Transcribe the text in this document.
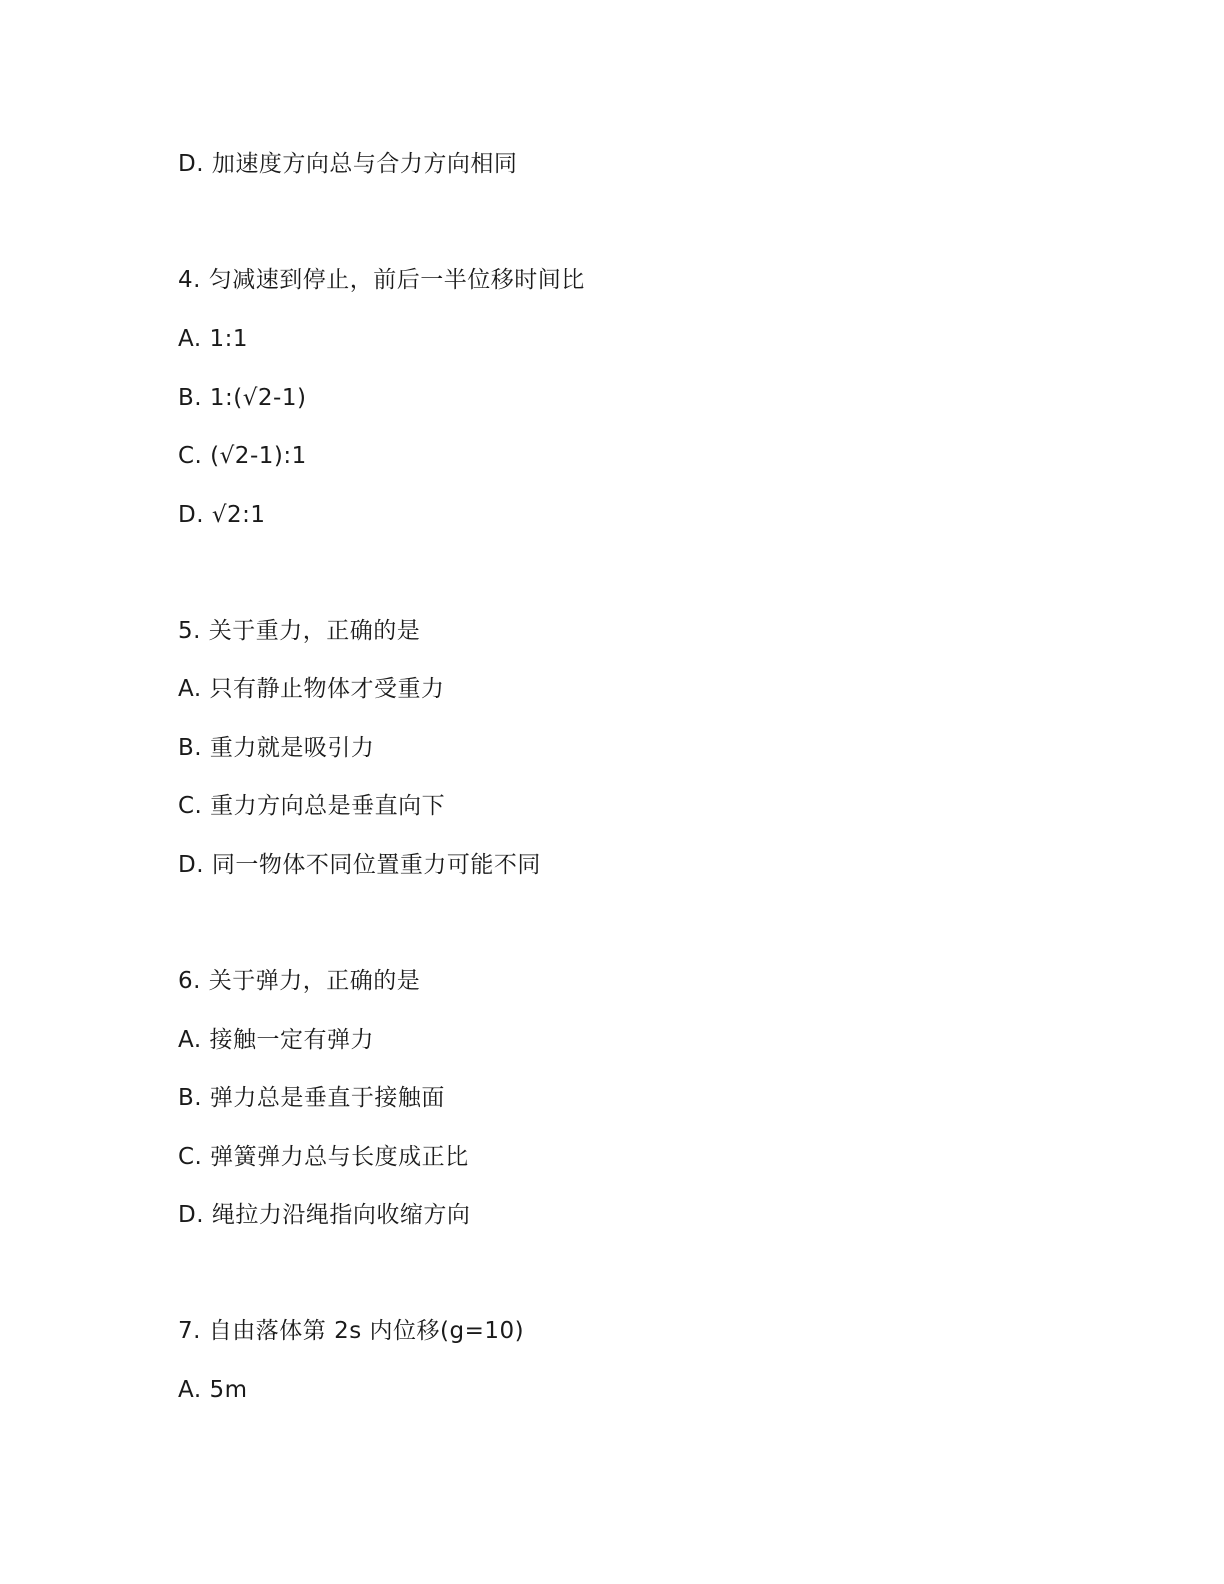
D. 加速度方向总与合力方向相同
4. 匀减速到停止，前后一半位移时间比
A. 1:1
B. 1:(√2-1)
C. (√2-1):1
D. √2:1
5. 关于重力，正确的是
A. 只有静止物体才受重力
B. 重力就是吸引力
C. 重力方向总是垂直向下
D. 同一物体不同位置重力可能不同
6. 关于弹力，正确的是
A. 接触一定有弹力
B. 弹力总是垂直于接触面
C. 弹簧弹力总与长度成正比
D. 绳拉力沿绳指向收缩方向
7. 自由落体第 2s 内位移(g=10)
A. 5m
